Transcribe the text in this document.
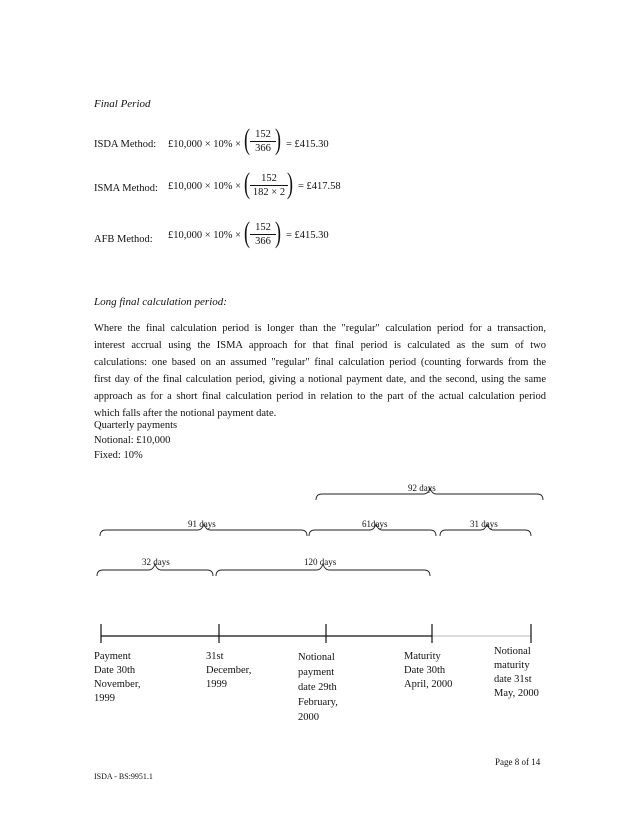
Final Period
ISDA Method: £10,000 × 10% × ( $\frac{152}{366}$ ) = £415.30
ISMA Method: £10,000 × 10% × ( $\frac{152}{182 \times 2}$ ) = £417.58
AFB Method: £10,000 × 10% × ( $\frac{152}{366}$ ) = £415.30
Long final calculation period:
Where the final calculation period is longer than the "regular" calculation period for a transaction,
interest accrual using the ISMA approach for that final period is calculated as the sum of two
calculations: one based on an assumed "regular" final calculation period (counting forwards from the
first day of the final calculation period, giving a notional payment date, and the second, using the same
approach as for a short final calculation period in relation to the part of the actual calculation period
which falls after the notional payment date.
Quarterly payments
Notional: £10,000
Fixed: 10%
92 days
91 days	61days	31 days
32 days	120 days
Payment
Date 30th
November,
1999
31st
December,
1999
Notional
payment
date 29th
February,
2000
Maturity
Date 30th
April, 2000
Notional
maturity
date 31st
May, 2000
Page 8 of 14
ISDA - BS:9951.1
